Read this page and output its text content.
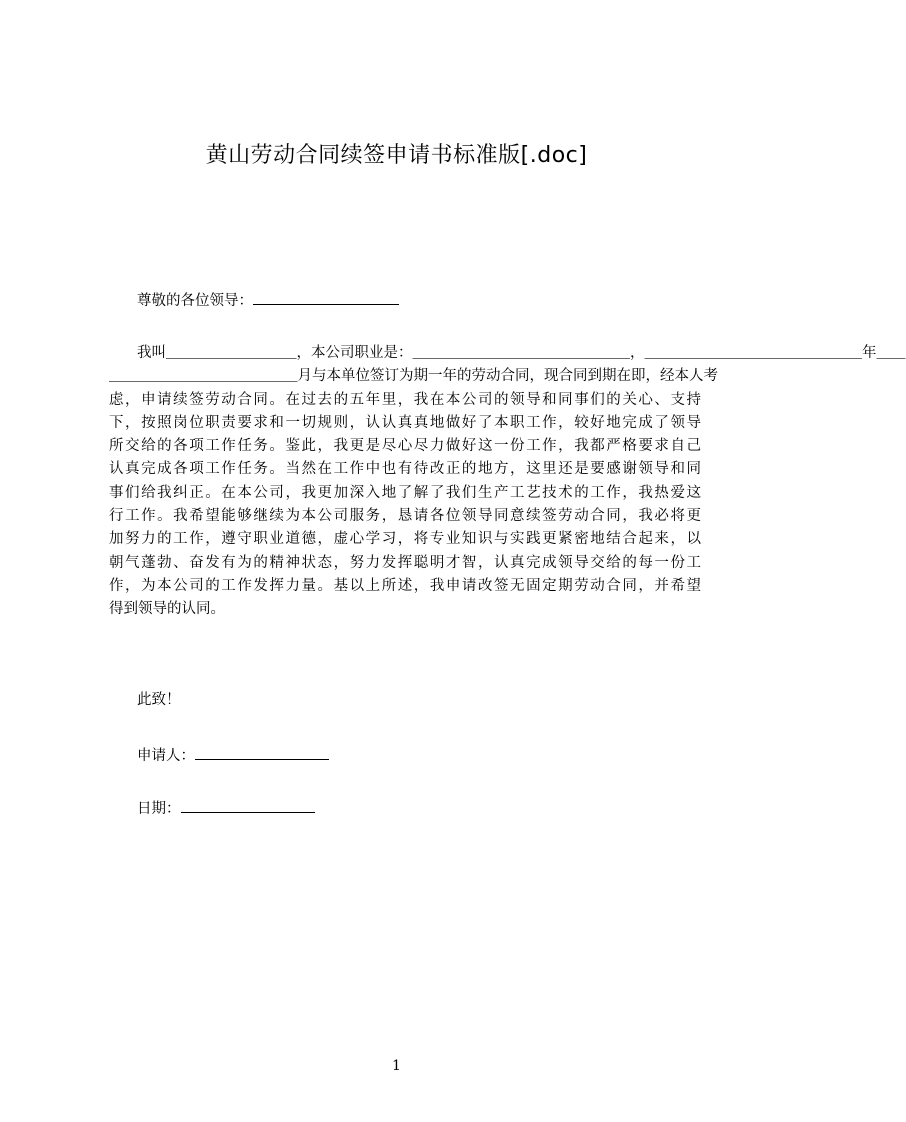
黄山劳动合同续签申请书标准版[.doc]
尊敬的各位领导：
我叫＿＿＿＿＿＿＿＿＿，本公司职业是：＿＿＿＿＿＿＿＿＿＿＿＿＿＿＿，＿＿＿＿＿＿＿＿＿＿＿＿＿＿＿年＿＿
＿＿＿＿＿＿＿＿＿＿＿＿＿月与本单位签订为期一年的劳动合同，现合同到期在即，经本人考
虑，申请续签劳动合同。在过去的五年里，我在本公司的领导和同事们的关心、支持
下，按照岗位职责要求和一切规则，认认真真地做好了本职工作，较好地完成了领导
所交给的各项工作任务。鉴此，我更是尽心尽力做好这一份工作，我都严格要求自己
认真完成各项工作任务。当然在工作中也有待改正的地方，这里还是要感谢领导和同
事们给我纠正。在本公司，我更加深入地了解了我们生产工艺技术的工作，我热爱这
行工作。我希望能够继续为本公司服务，恳请各位领导同意续签劳动合同，我必将更
加努力的工作，遵守职业道德，虚心学习，将专业知识与实践更紧密地结合起来，以
朝气蓬勃、奋发有为的精神状态，努力发挥聪明才智，认真完成领导交给的每一份工
作，为本公司的工作发挥力量。基以上所述，我申请改签无固定期劳动合同，并希望
得到领导的认同。
此致！
申请人：
日期：
1
